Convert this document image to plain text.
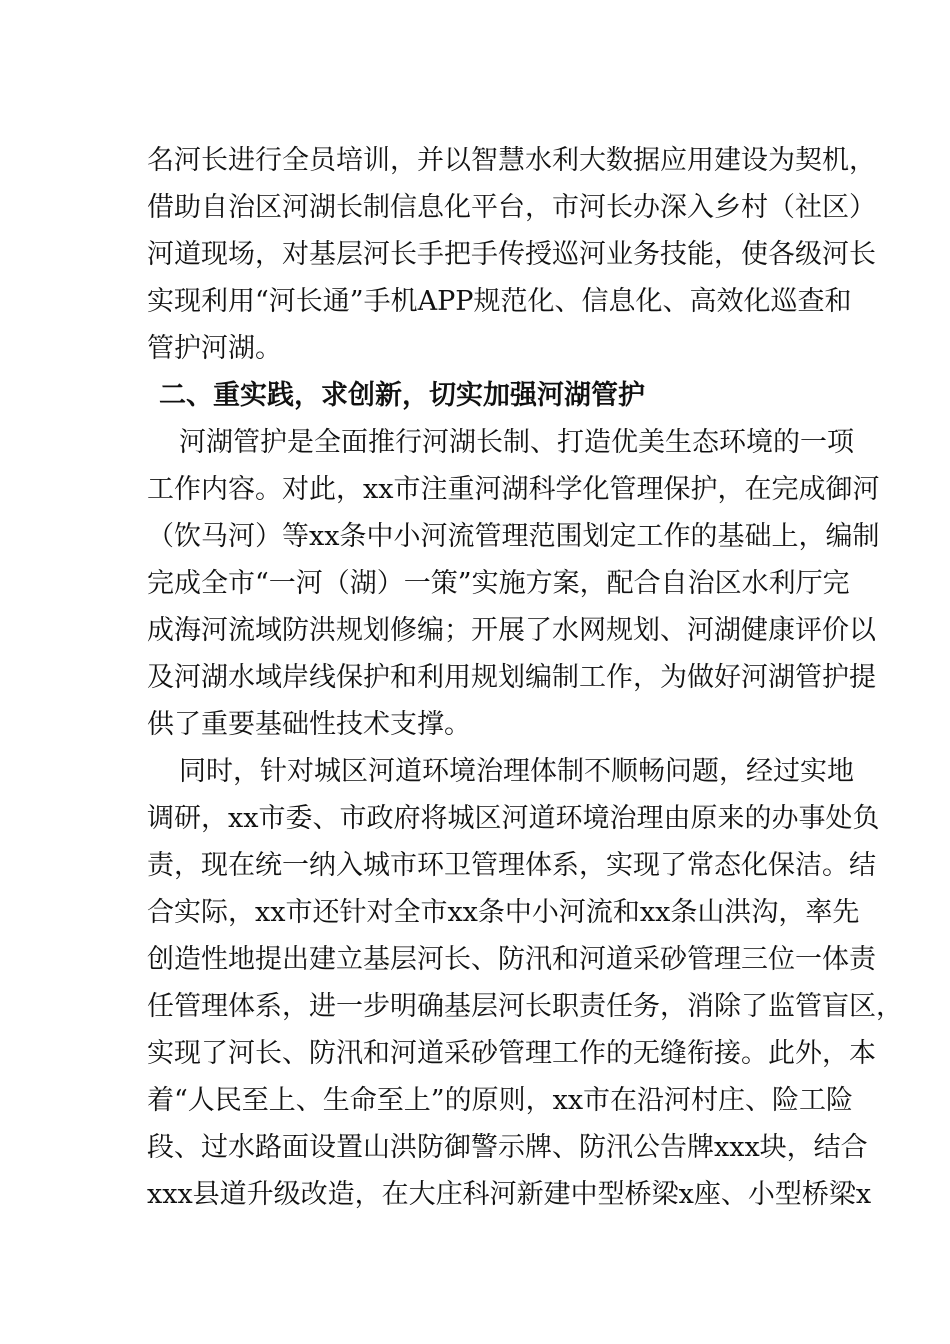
名河长进行全员培训，并以智慧水利大数据应用建设为契机，
借助自治区河湖长制信息化平台，市河长办深入乡村（社区）
河道现场，对基层河长手把手传授巡河业务技能，使各级河长
实现利用“河长通”手机APP规范化、信息化、高效化巡查和
管护河湖。
二、重实践，求创新，切实加强河湖管护
河湖管护是全面推行河湖长制、打造优美生态环境的一项
工作内容。对此，xx市注重河湖科学化管理保护，在完成御河
（饮马河）等xx条中小河流管理范围划定工作的基础上，编制
完成全市“一河（湖）一策”实施方案，配合自治区水利厅完
成海河流域防洪规划修编；开展了水网规划、河湖健康评价以
及河湖水域岸线保护和利用规划编制工作，为做好河湖管护提
供了重要基础性技术支撑。
同时，针对城区河道环境治理体制不顺畅问题，经过实地
调研，xx市委、市政府将城区河道环境治理由原来的办事处负
责，现在统一纳入城市环卫管理体系，实现了常态化保洁。结
合实际，xx市还针对全市xx条中小河流和xx条山洪沟，率先
创造性地提出建立基层河长、防汛和河道采砂管理三位一体责
任管理体系，进一步明确基层河长职责任务，消除了监管盲区，
实现了河长、防汛和河道采砂管理工作的无缝衔接。此外，本
着“人民至上、生命至上”的原则，xx市在沿河村庄、险工险
段、过水路面设置山洪防御警示牌、防汛公告牌xxx块，结合
xxx县道升级改造，在大庄科河新建中型桥梁x座、小型桥梁x
